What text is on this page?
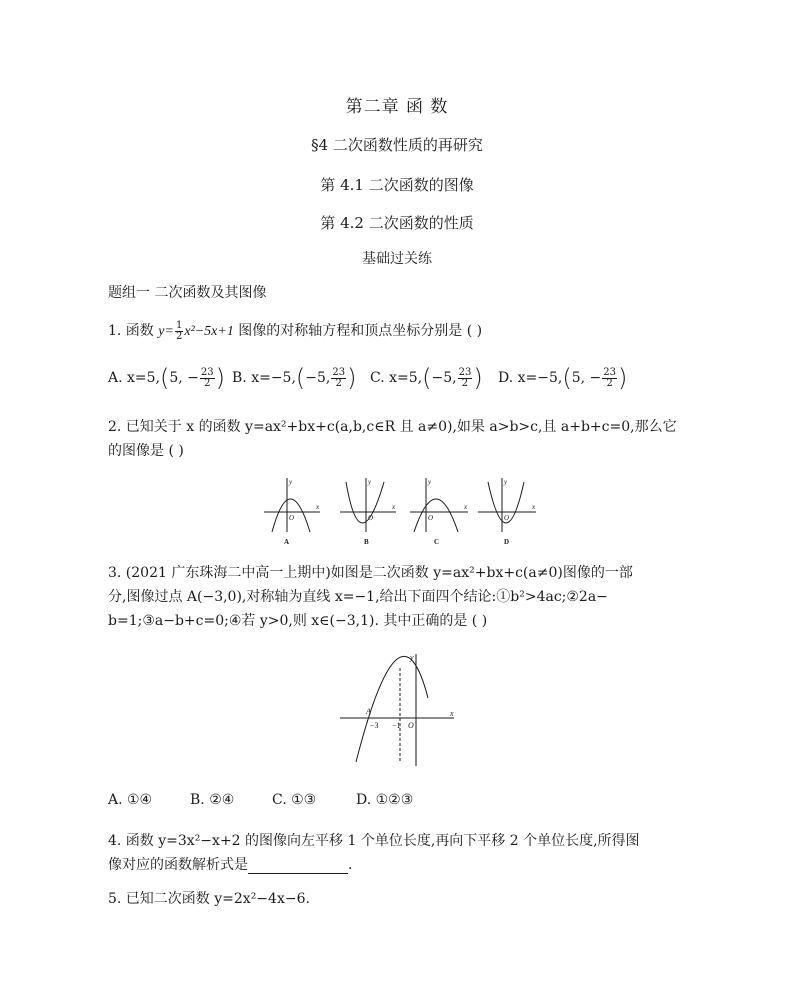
第二章 函 数
§4 二次函数性质的再研究
第 4.1 二次函数的图像
第 4.2 二次函数的性质
基础过关练
题组一 二次函数及其图像
1. 函数 $y= \frac{1}{2} x^2-5x+1$ 图像的对称轴方程和顶点坐标分别是 ( )
A. x=5,(5, − $\frac{23}{2}$ ) B. x=−5,(−5, $\frac{23}{2}$ ) C. x=5,(−5, $\frac{23}{2}$ ) D. x=−5,(5, − $\frac{23}{2}$ )
2. 已知关于 x 的函数 y=ax²+bx+c(a,b,c∈R 且 a≠0),如果 a>b>c,且 a+b+c=0,那么它
的图像是 ( )
y
x
O
y
x
O
y
x
O
y
x
O
A	B	C	D
3. (2021 广东珠海二中高一上期中)如图是二次函数 y=ax²+bx+c(a≠0)图像的一部
分,图像过点 A(−3,0),对称轴为直线 x=−1,给出下面四个结论:①b²>4ac;②2a−
b=1;③a−b+c=0;④若 y>0,则 x∈(−3,1). 其中正确的是 ( )
y
x
A
−3 −1 O
A. ①④	B. ②④	C. ①③	D. ①②③
4. 函数 y=3x²−x+2 的图像向左平移 1 个单位长度,再向下平移 2 个单位长度,所得图
像对应的函数解析式是	.
5. 已知二次函数 y=2x²−4x−6.
